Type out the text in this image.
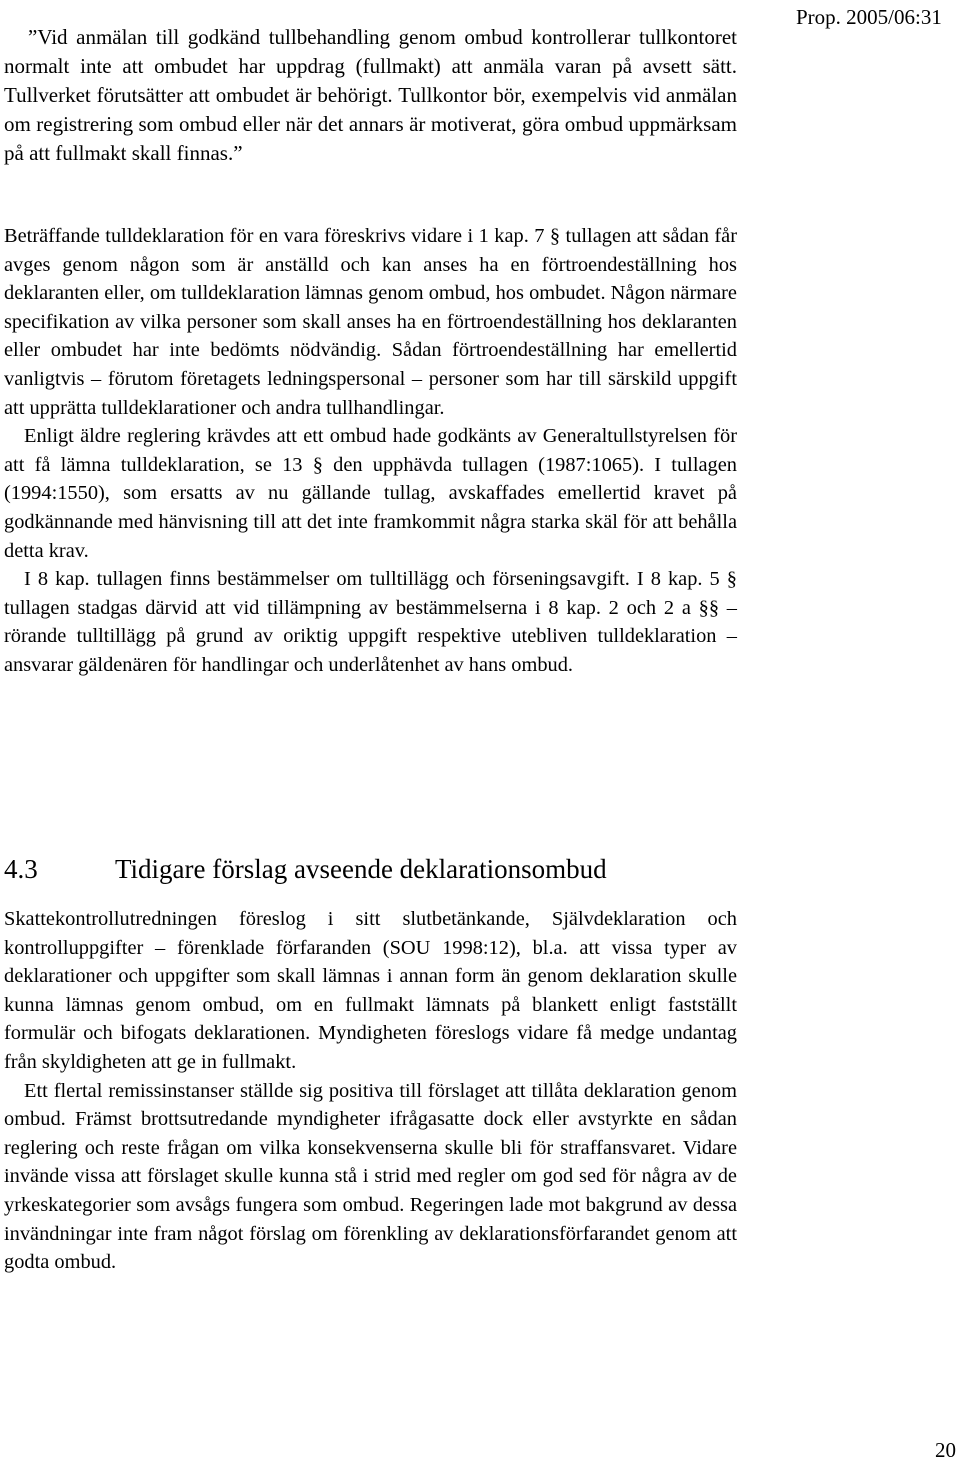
Prop. 2005/06:31

”Vid anmälan till godkänd tullbehandling genom ombud kontrollerar tullkontoret normalt inte att ombudet har uppdrag (fullmakt) att anmäla varan på avsett sätt. Tullverket förutsätter att ombudet är behörigt. Tullkontor bör, exempelvis vid anmälan om registrering som ombud eller när det annars är motiverat, göra ombud uppmärksam på att fullmakt skall finnas.”

Beträffande tulldeklaration för en vara föreskrivs vidare i 1 kap. 7 § tullagen att sådan får avges genom någon som är anställd och kan anses ha en förtroendeställning hos deklaranten eller, om tulldeklaration lämnas genom ombud, hos ombudet. Någon närmare specifikation av vilka personer som skall anses ha en förtroendeställning hos deklaranten eller ombudet har inte bedömts nödvändig. Sådan förtroendeställning har emellertid vanligtvis – förutom företagets ledningspersonal – personer som har till särskild uppgift att upprätta tulldeklarationer och andra tullhandlingar.

Enligt äldre reglering krävdes att ett ombud hade godkänts av Generaltullstyrelsen för att få lämna tulldeklaration, se 13 § den upphävda tullagen (1987:1065). I tullagen (1994:1550), som ersatts av nu gällande tullag, avskaffades emellertid kravet på godkännande med hänvisning till att det inte framkommit några starka skäl för att behålla detta krav.

I 8 kap. tullagen finns bestämmelser om tulltillägg och förseningsavgift. I 8 kap. 5 § tullagen stadgas därvid att vid tillämpning av bestämmelserna i 8 kap. 2 och 2 a §§ – rörande tulltillägg på grund av oriktig uppgift respektive utebliven tulldeklaration – ansvarar gäldenären för handlingar och underlåtenhet av hans ombud.

4.3	Tidigare förslag avseende deklarationsombud

Skattekontrollutredningen föreslog i sitt slutbetänkande, Självdeklaration och kontrolluppgifter – förenklade förfaranden (SOU 1998:12), bl.a. att vissa typer av deklarationer och uppgifter som skall lämnas i annan form än genom deklaration skulle kunna lämnas genom ombud, om en fullmakt lämnats på blankett enligt fastställt formulär och bifogats deklarationen. Myndigheten föreslogs vidare få medge undantag från skyldigheten att ge in fullmakt.

Ett flertal remissinstanser ställde sig positiva till förslaget att tillåta deklaration genom ombud. Främst brottsutredande myndigheter ifrågasatte dock eller avstyrkte en sådan reglering och reste frågan om vilka konsekvenserna skulle bli för straffansvaret. Vidare invände vissa att förslaget skulle kunna stå i strid med regler om god sed för några av de yrkeskategorier som avsågs fungera som ombud. Regeringen lade mot bakgrund av dessa invändningar inte fram något förslag om förenkling av deklarationsförfarandet genom att godta ombud.

20
